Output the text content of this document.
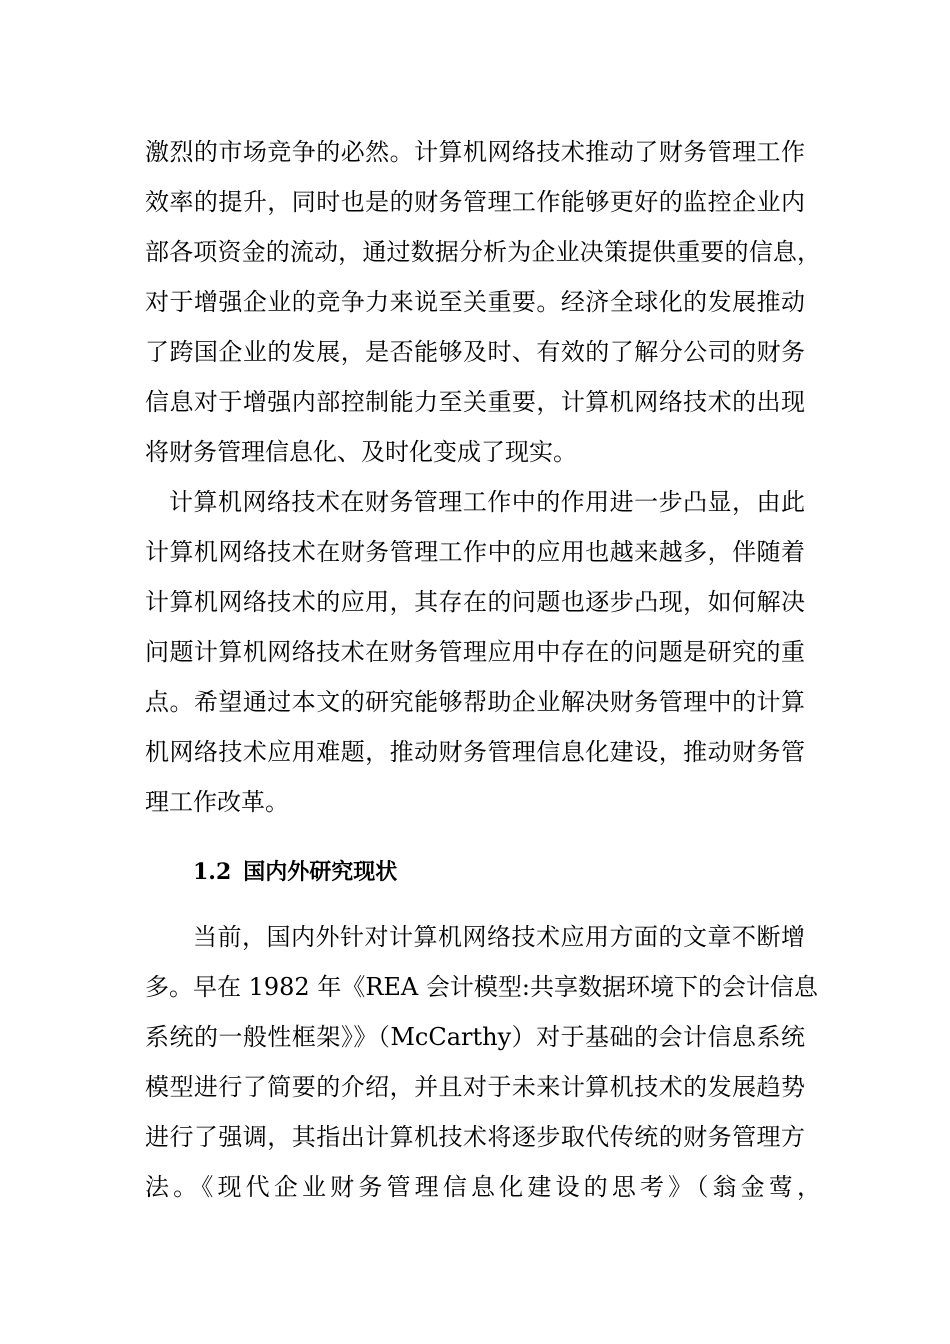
激烈的市场竞争的必然。计算机网络技术推动了财务管理工作
效率的提升，同时也是的财务管理工作能够更好的监控企业内
部各项资金的流动，通过数据分析为企业决策提供重要的信息，
对于增强企业的竞争力来说至关重要。经济全球化的发展推动
了跨国企业的发展，是否能够及时、有效的了解分公司的财务
信息对于增强内部控制能力至关重要，计算机网络技术的出现
将财务管理信息化、及时化变成了现实。
计算机网络技术在财务管理工作中的作用进一步凸显，由此
计算机网络技术在财务管理工作中的应用也越来越多，伴随着
计算机网络技术的应用，其存在的问题也逐步凸现，如何解决
问题计算机网络技术在财务管理应用中存在的问题是研究的重
点。希望通过本文的研究能够帮助企业解决财务管理中的计算
机网络技术应用难题，推动财务管理信息化建设，推动财务管
理工作改革。
1.2 国内外研究现状
当前，国内外针对计算机网络技术应用方面的文章不断增
多。早在 1982 年《REA 会计模型:共享数据环境下的会计信息
系统的一般性框架》》（McCarthy）对于基础的会计信息系统
模型进行了简要的介绍，并且对于未来计算机技术的发展趋势
进行了强调，其指出计算机技术将逐步取代传统的财务管理方
法。《现代企业财务管理信息化建设的思考》（翁金莺，
